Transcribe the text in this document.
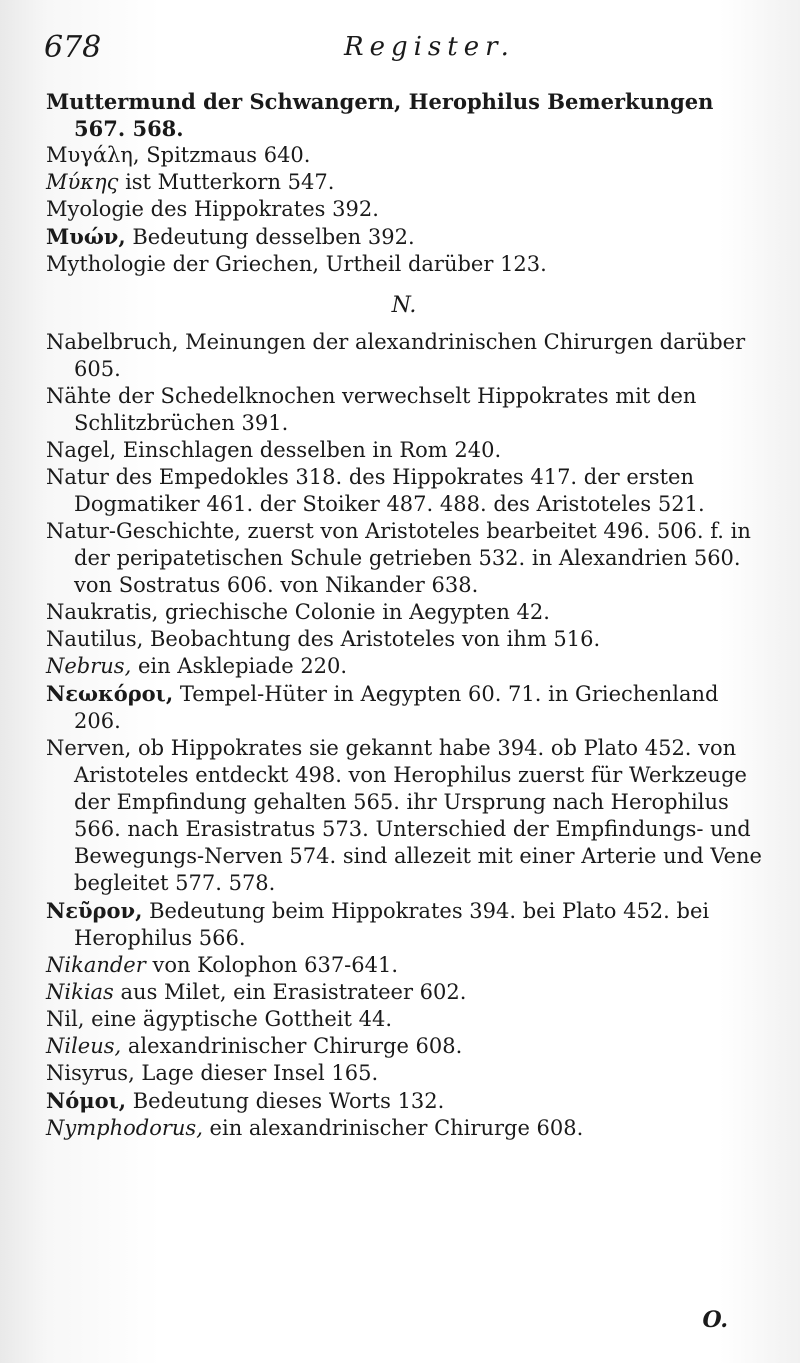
678	Register.

Muttermund der Schwangern, Herophilus Bemerkungen 567. 568.

Μυγάλη, Spitzmaus 640.

Μύκης ist Mutterkorn 547.

Myologie des Hippokrates 392.

Μυών, Bedeutung desselben 392.

Mythologie der Griechen, Urtheil darüber 123.

N.

Nabelbruch, Meinungen der alexandrinischen Chirurgen darüber 605.

Nähte der Schedelknochen verwechselt Hippokrates mit den Schlitzbrüchen 391.

Nagel, Einschlagen desselben in Rom 240.

Natur des Empedokles 318. des Hippokrates 417. der ersten Dogmatiker 461. der Stoiker 487. 488. des Aristoteles 521.

Natur-Geschichte, zuerst von Aristoteles bearbeitet 496. 506. f. in der peripatetischen Schule getrieben 532. in Alexandrien 560. von Sostratus 606. von Nikander 638.

Naukratis, griechische Colonie in Aegypten 42.

Nautilus, Beobachtung des Aristoteles von ihm 516.

Nebrus, ein Asklepiade 220.

Νεωκόροι, Tempel-Hüter in Aegypten 60. 71. in Griechenland 206.

Nerven, ob Hippokrates sie gekannt habe 394. ob Plato 452. von Aristoteles entdeckt 498. von Herophilus zuerst für Werkzeuge der Empfindung gehalten 565. ihr Ursprung nach Herophilus 566. nach Erasistratus 573. Unterschied der Empfindungs- und Bewegungs-Nerven 574. sind allezeit mit einer Arterie und Vene begleitet 577. 578.

Νεῦρον, Bedeutung beim Hippokrates 394. bei Plato 452. bei Herophilus 566.

Nikander von Kolophon 637-641.

Nikias aus Milet, ein Erasistrateer 602.

Nil, eine ägyptische Gottheit 44.

Nileus, alexandrinischer Chirurge 608.

Nisyrus, Lage dieser Insel 165.

Νόμοι, Bedeutung dieses Worts 132.

Nymphodorus, ein alexandrinischer Chirurge 608.

O.
